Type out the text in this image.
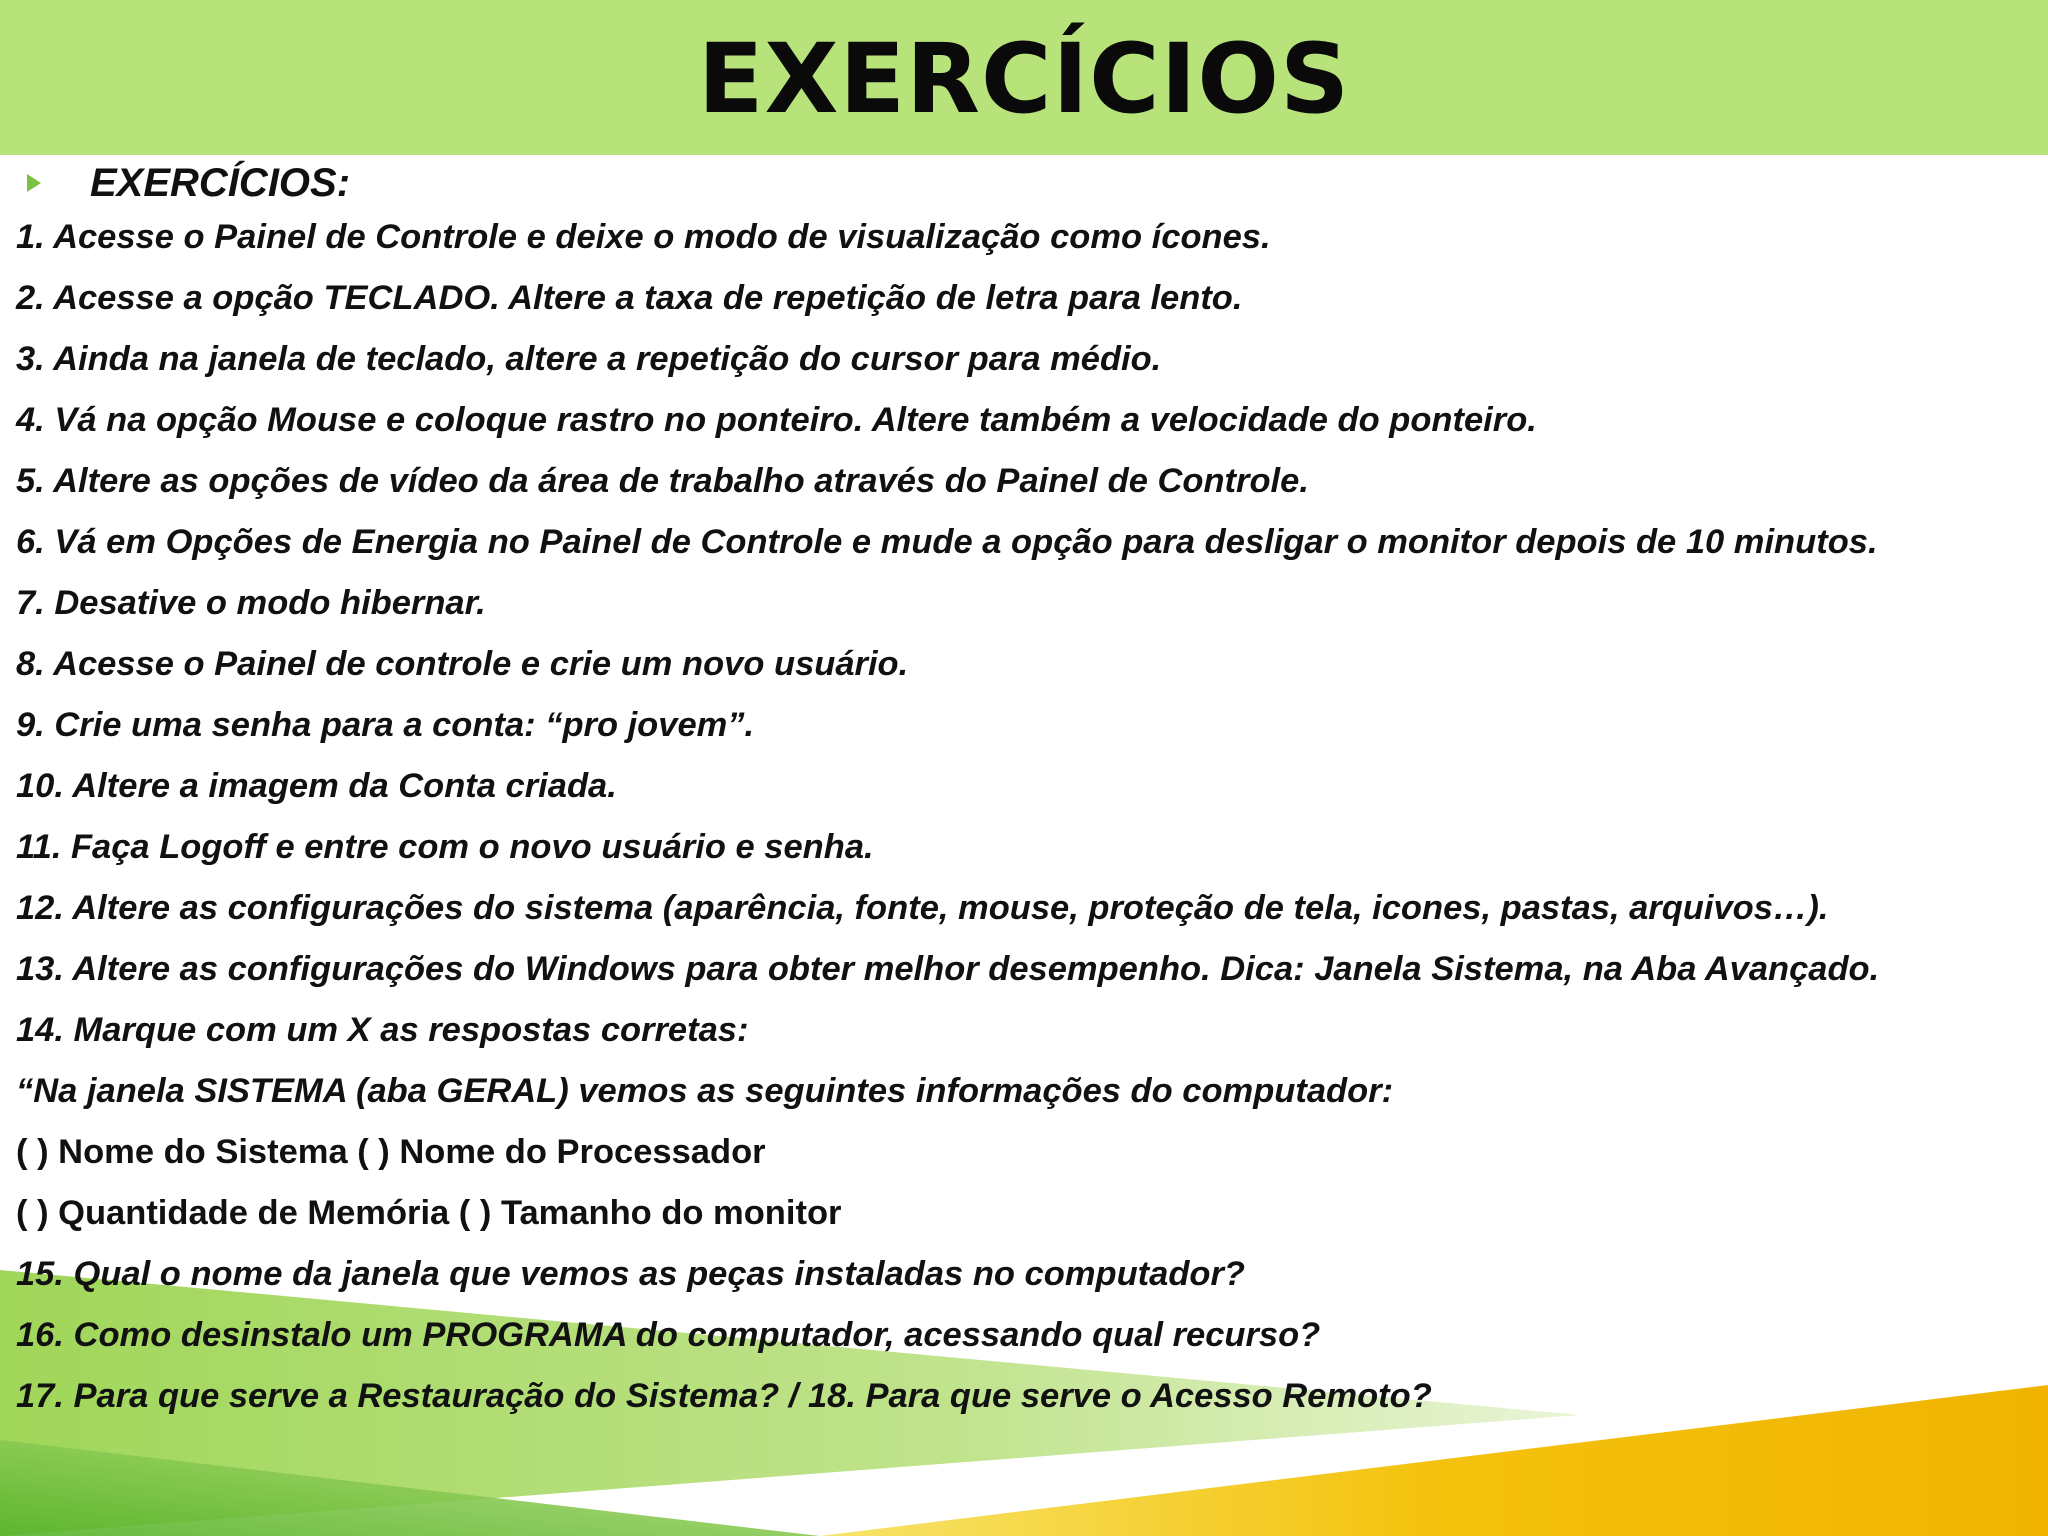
EXERCÍCIOS
EXERCÍCIOS:
1. Acesse o Painel de Controle e deixe o modo de visualização como ícones.
2. Acesse a opção TECLADO. Altere a taxa de repetição de letra para lento.
3. Ainda na janela de teclado, altere a repetição do cursor para médio.
4. Vá na opção Mouse e coloque rastro no ponteiro. Altere também a velocidade do ponteiro.
5. Altere as opções de vídeo da área de trabalho através do Painel de Controle.
6. Vá em Opções de Energia no Painel de Controle e mude a opção para desligar o monitor depois de 10 minutos.
7. Desative o modo hibernar.
8. Acesse o Painel de controle e crie um novo usuário.
9. Crie uma senha para a conta: “pro jovem”.
10. Altere a imagem da Conta criada.
11. Faça Logoff e entre com o novo usuário e senha.
12. Altere as configurações do sistema (aparência, fonte, mouse, proteção de tela, icones, pastas, arquivos…).
13. Altere as configurações do Windows para obter melhor desempenho. Dica: Janela Sistema, na Aba Avançado.
14. Marque com um X as respostas corretas:
“Na janela SISTEMA (aba GERAL) vemos as seguintes informações do computador:
( ) Nome do Sistema ( ) Nome do Processador
( ) Quantidade de Memória ( ) Tamanho do monitor
15. Qual o nome da janela que vemos as peças instaladas no computador?
16. Como desinstalo um PROGRAMA do computador, acessando qual recurso?
17. Para que serve a Restauração do Sistema? / 18. Para que serve o Acesso Remoto?
